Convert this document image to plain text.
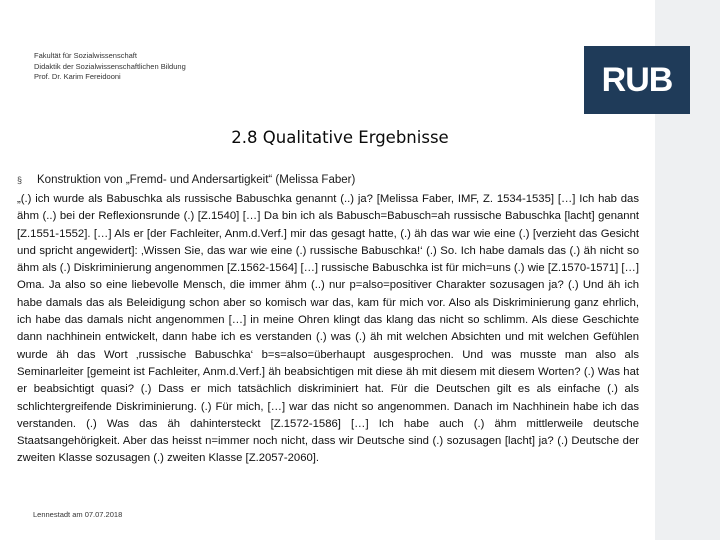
Fakultät für Sozialwissenschaft
Didaktik der Sozialwissenschaftlichen Bildung
Prof. Dr. Karim Fereidooni	RUB
2.8 Qualitative Ergebnisse
§ Konstruktion von „Fremd- und Andersartigkeit“ (Melissa Faber)
„(.) ich wurde als Babuschka als russische Babuschka genannt (..) ja? [Melissa Faber, IMF, Z. 1534-1535] […] Ich hab das ähm (..) bei der Reflexionsrunde (.) [Z.1540] […] Da bin ich als Babusch=Babusch=ah russische Babuschka [lacht] genannt [Z.1551-1552]. […] Als er [der Fachleiter, Anm.d.Verf.] mir das gesagt hatte, (.) äh das war wie eine (.) [verzieht das Gesicht und spricht angewidert]: ‚Wissen Sie, das war wie eine (.) russische Babuschka!‘ (.) So. Ich habe damals das (.) äh nicht so ähm als (.) Diskriminierung angenommen [Z.1562-1564] […] russische Babuschka ist für mich=uns (.) wie [Z.1570-1571] […] Oma. Ja also so eine liebevolle Mensch, die immer ähm (..) nur p=also=positiver Charakter sozusagen ja? (.) Und äh ich habe damals das als Beleidigung schon aber so komisch war das, kam für mich vor. Also als Diskriminierung ganz ehrlich, ich habe das damals nicht angenommen […] in meine Ohren klingt das klang das nicht so schlimm. Als diese Geschichte dann nachhinein entwickelt, dann habe ich es verstanden (.) was (.) äh mit welchen Absichten und mit welchen Gefühlen wurde äh das Wort ‚russische Babuschka‘ b=s=also=überhaupt ausgesprochen. Und was musste man also als Seminarleiter [gemeint ist Fachleiter, Anm.d.Verf.] äh beabsichtigen mit diese äh mit diesem mit diesem Worten? (.) Was hat er beabsichtigt quasi? (.) Dass er mich tatsächlich diskriminiert hat. Für die Deutschen gilt es als einfache (.) als schlichtergreifende Diskriminierung. (.) Für mich, […] war das nicht so angenommen. Danach im Nachhinein habe ich das verstanden. (.) Was das äh dahintersteckt [Z.1572-1586] […] Ich habe auch (.) ähm mittlerweile deutsche Staatsangehörigkeit. Aber das heisst n=immer noch nicht, dass wir Deutsche sind (.) sozusagen [lacht] ja? (.) Deutsche der zweiten Klasse sozusagen (.) zweiten Klasse [Z.2057-2060].
Lennestadt am 07.07.2018
